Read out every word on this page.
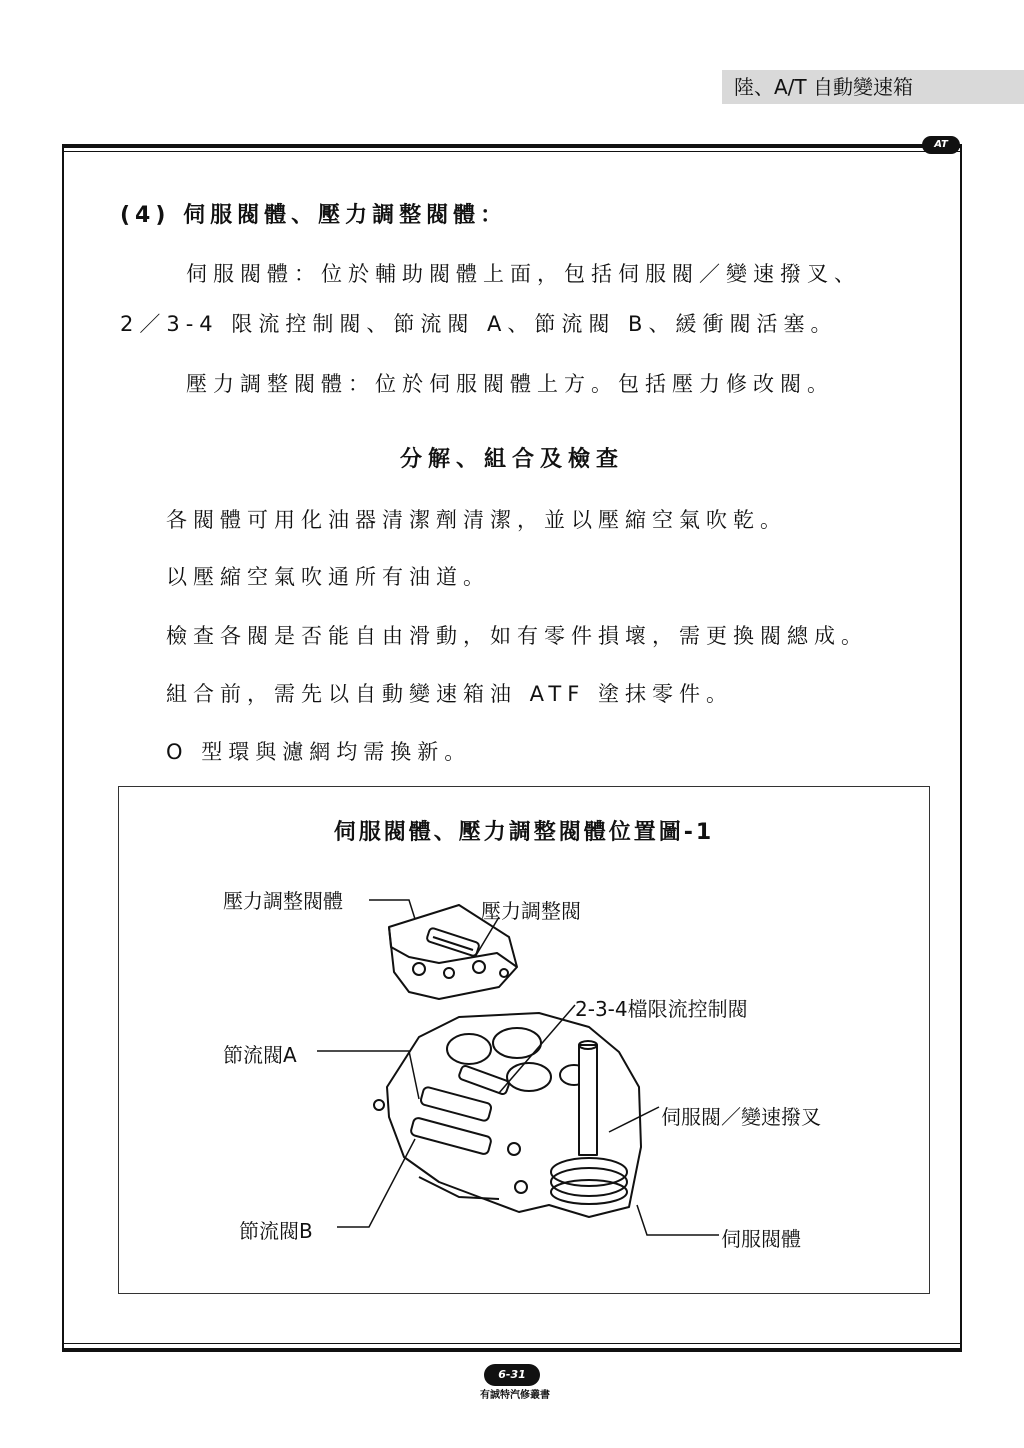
陸、A/T 自動變速箱
AT
(4) 伺服閥體、壓力調整閥體：
伺服閥體：位於輔助閥體上面，包括伺服閥／變速撥叉、
2／3-4 限流控制閥、節流閥 A、節流閥 B、緩衝閥活塞。
壓力調整閥體：位於伺服閥體上方。包括壓力修改閥。
分解、組合及檢查
各閥體可用化油器清潔劑清潔，並以壓縮空氣吹乾。
以壓縮空氣吹通所有油道。
檢查各閥是否能自由滑動，如有零件損壞，需更換閥總成。
組合前，需先以自動變速箱油 ATF 塗抹零件。
O 型環與濾網均需換新。
伺服閥體、壓力調整閥體位置圖-1
壓力調整閥體	壓力調整閥
2-3-4檔限流控制閥
節流閥A
伺服閥／變速撥叉
節流閥B	伺服閥體
6-31
有誠特汽修叢書
